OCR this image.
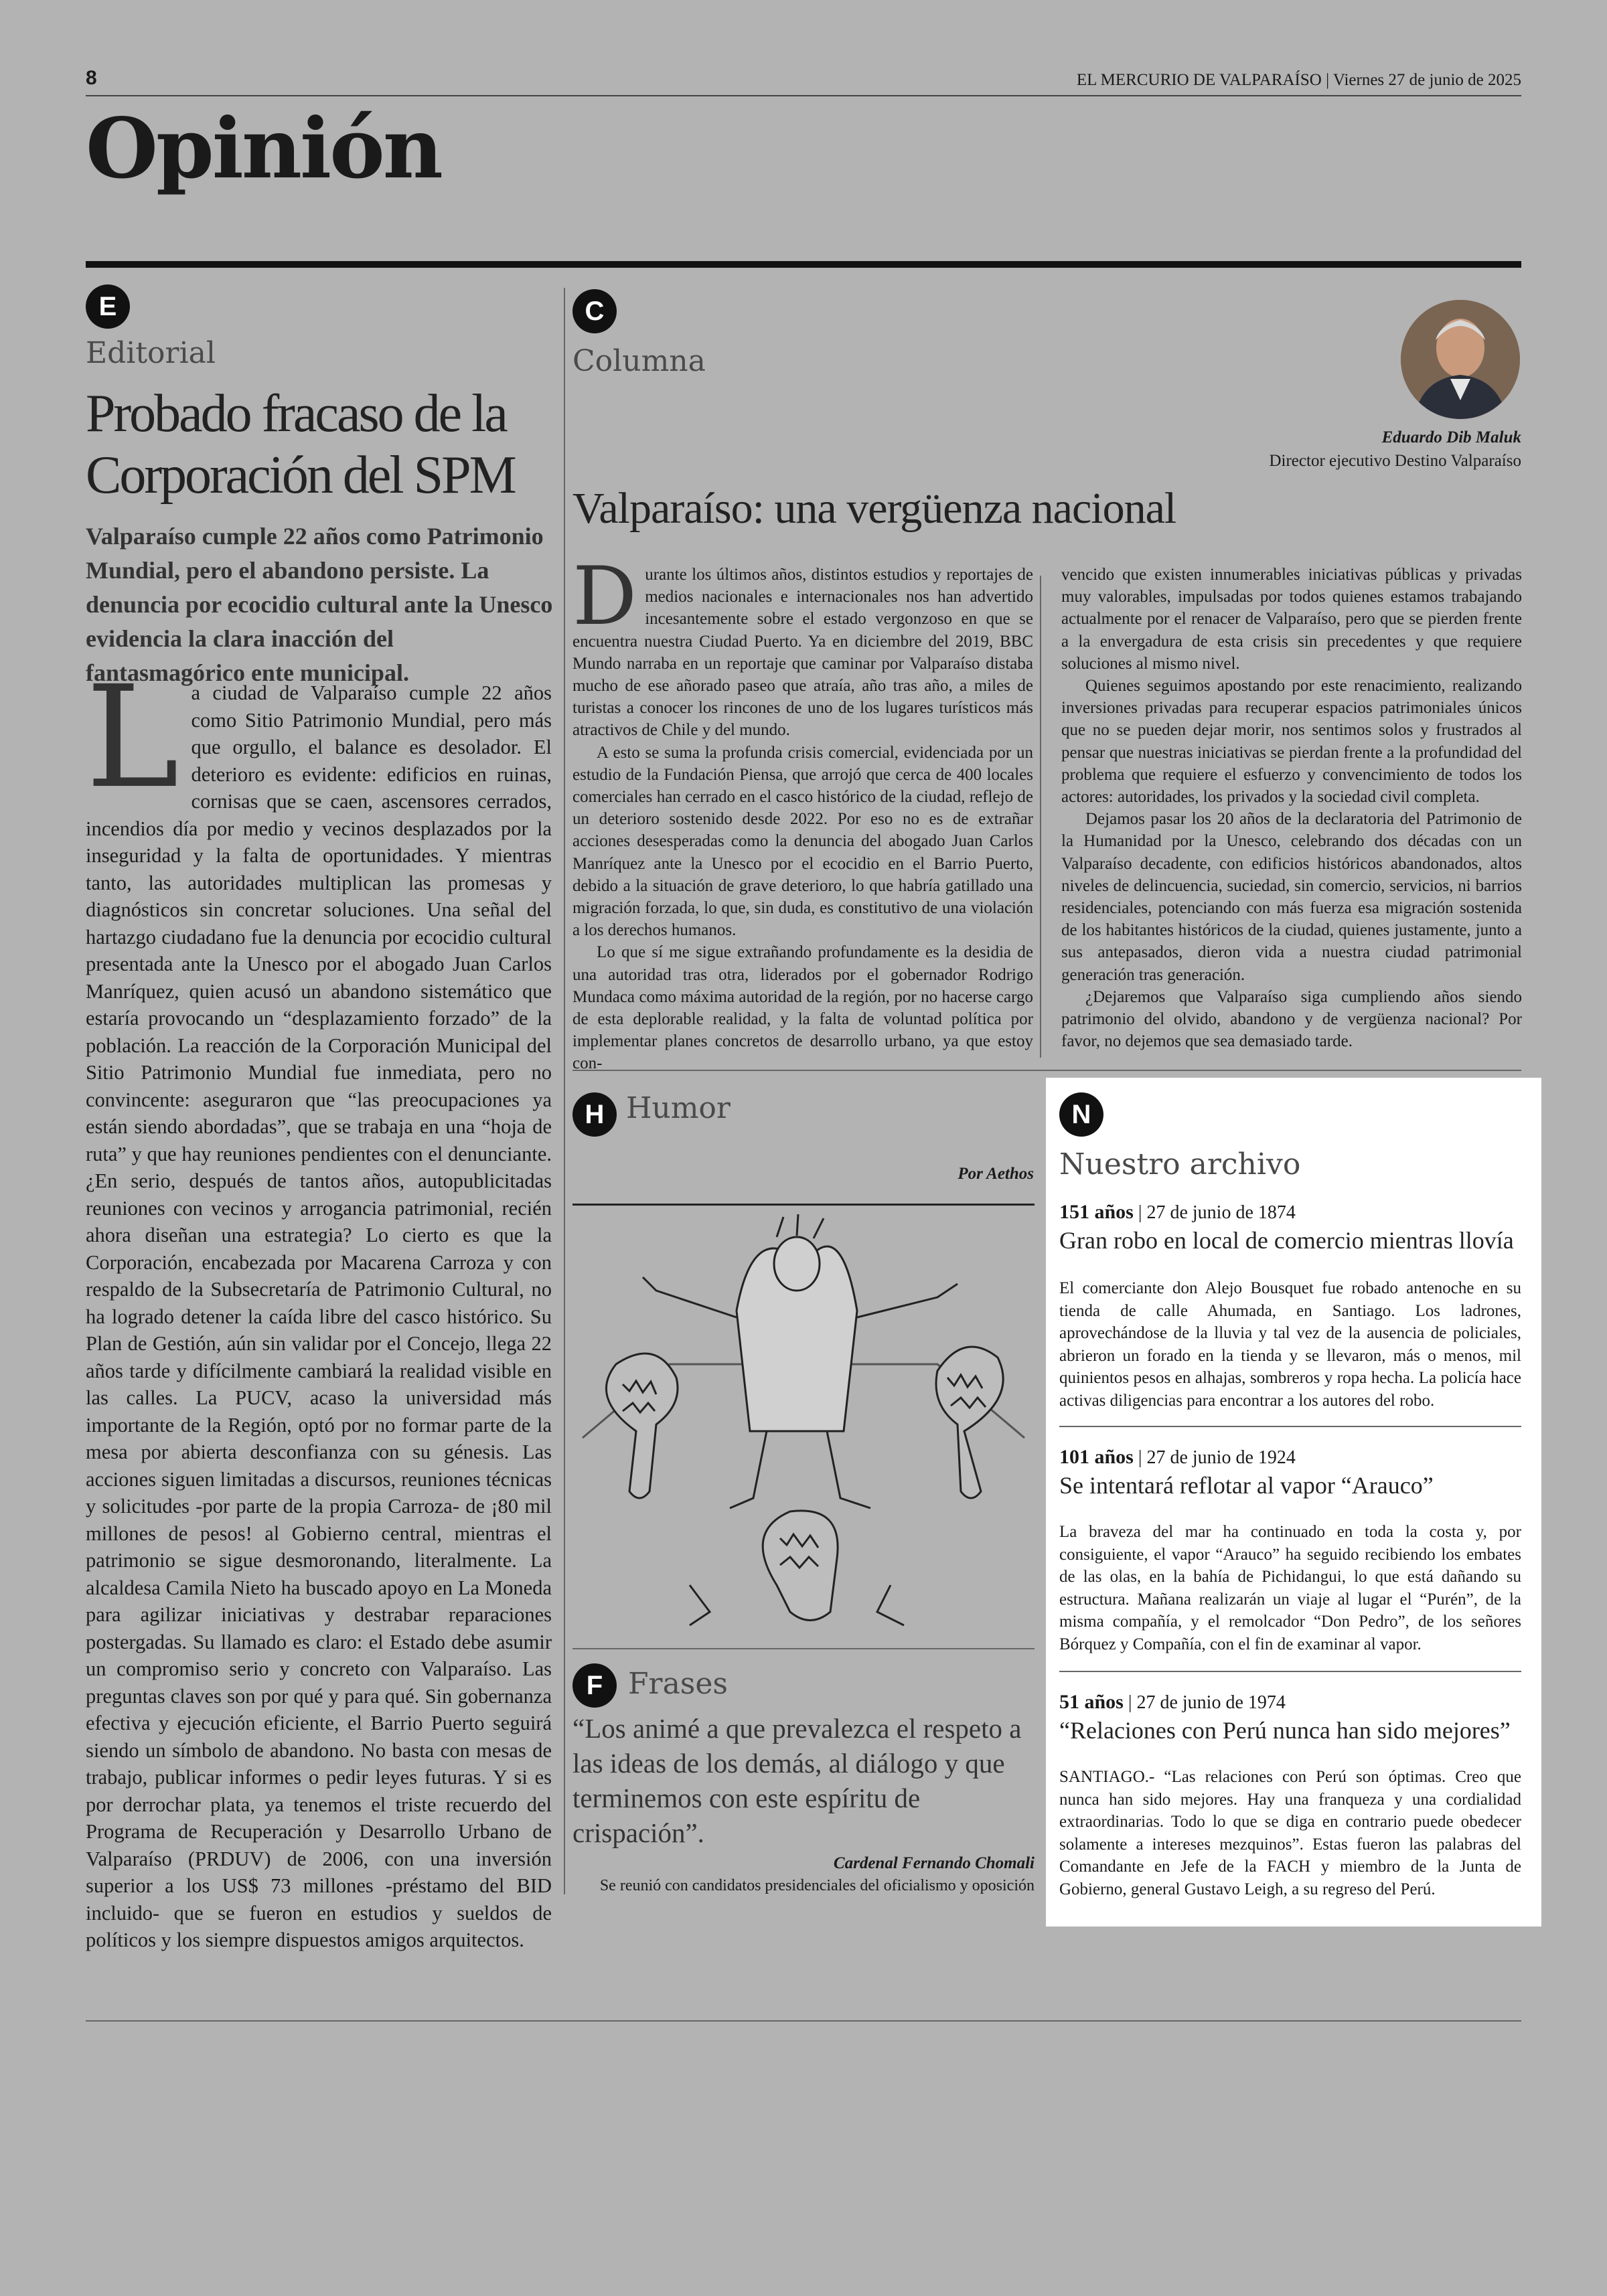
8	EL MERCURIO DE VALPARAÍSO | Viernes 27 de junio de 2025
Opinión
E
Editorial
Probado fracaso de la Corporación del SPM
Valparaíso cumple 22 años como Patrimonio Mundial, pero el abandono persiste. La denuncia por ecocidio cultural ante la Unesco evidencia la clara inacción del fantasmagórico ente municipal.
L a ciudad de Valparaíso cumple 22 años como Sitio Patrimonio Mundial, pero más que orgullo, el balance es desolador. El deterioro es evidente: edificios en ruinas, cornisas que se caen, ascensores cerrados, incendios día por medio y vecinos desplazados por la inseguridad y la falta de oportunidades. Y mientras tanto, las autoridades multiplican las promesas y diagnósticos sin concretar soluciones. Una señal del hartazgo ciudadano fue la denuncia por ecocidio cultural presentada ante la Unesco por el abogado Juan Carlos Manríquez, quien acusó un abandono sistemático que estaría provocando un “desplazamiento forzado” de la población. La reacción de la Corporación Municipal del Sitio Patrimonio Mundial fue inmediata, pero no convincente: aseguraron que “las preocupaciones ya están siendo abordadas”, que se trabaja en una “hoja de ruta” y que hay reuniones pendientes con el denunciante. ¿En serio, después de tantos años, autopublicitadas reuniones con vecinos y arrogancia patrimonial, recién ahora diseñan una estrategia? Lo cierto es que la Corporación, encabezada por Macarena Carroza y con respaldo de la Subsecretaría de Patrimonio Cultural, no ha logrado detener la caída libre del casco histórico. Su Plan de Gestión, aún sin validar por el Concejo, llega 22 años tarde y difícilmente cambiará la realidad visible en las calles. La PUCV, acaso la universidad más importante de la Región, optó por no formar parte de la mesa por abierta desconfianza con su génesis. Las acciones siguen limitadas a discursos, reuniones técnicas y solicitudes -por parte de la propia Carroza- de ¡80 mil millones de pesos! al Gobierno central, mientras el patrimonio se sigue desmoronando, literalmente. La alcaldesa Camila Nieto ha buscado apoyo en La Moneda para agilizar iniciativas y destrabar reparaciones postergadas. Su llamado es claro: el Estado debe asumir un compromiso serio y concreto con Valparaíso. Las preguntas claves son por qué y para qué. Sin gobernanza efectiva y ejecución eficiente, el Barrio Puerto seguirá siendo un símbolo de abandono. No basta con mesas de trabajo, publicar informes o pedir leyes futuras. Y si es por derrochar plata, ya tenemos el triste recuerdo del Programa de Recuperación y Desarrollo Urbano de Valparaíso (PRDUV) de 2006, con una inversión superior a los US$ 73 millones -préstamo del BID incluido- que se fueron en estudios y sueldos de políticos y los siempre dispuestos amigos arquitectos.

C
Columna
Eduardo Dib Maluk
Director ejecutivo Destino Valparaíso
Valparaíso: una vergüenza nacional
D urante los últimos años, distintos estudios y reportajes de medios nacionales e internacionales nos han advertido incesantemente sobre el estado vergonzoso en que se encuentra nuestra Ciudad Puerto. Ya en diciembre del 2019, BBC Mundo narraba en un reportaje que caminar por Valparaíso distaba mucho de ese añorado paseo que atraía, año tras año, a miles de turistas a conocer los rincones de uno de los lugares turísticos más atractivos de Chile y del mundo.

A esto se suma la profunda crisis comercial, evidenciada por un estudio de la Fundación Piensa, que arrojó que cerca de 400 locales comerciales han cerrado en el casco histórico de la ciudad, reflejo de un deterioro sostenido desde 2022. Por eso no es de extrañar acciones desesperadas como la denuncia del abogado Juan Carlos Manríquez ante la Unesco por el ecocidio en el Barrio Puerto, debido a la situación de grave deterioro, lo que habría gatillado una migración forzada, lo que, sin duda, es constitutivo de una violación a los derechos humanos.

Lo que sí me sigue extrañando profundamente es la desidia de una autoridad tras otra, liderados por el gobernador Rodrigo Mundaca como máxima autoridad de la región, por no hacerse cargo de esta deplorable realidad, y la falta de voluntad política por implementar planes concretos de desarrollo urbano, ya que estoy con-

vencido que existen innumerables iniciativas públicas y privadas muy valorables, impulsadas por todos quienes estamos trabajando actualmente por el renacer de Valparaíso, pero que se pierden frente a la envergadura de esta crisis sin precedentes y que requiere soluciones al mismo nivel.

Quienes seguimos apostando por este renacimiento, realizando inversiones privadas para recuperar espacios patrimoniales únicos que no se pueden dejar morir, nos sentimos solos y frustrados al pensar que nuestras iniciativas se pierdan frente a la profundidad del problema que requiere el esfuerzo y convencimiento de todos los actores: autoridades, los privados y la sociedad civil completa.

Dejamos pasar los 20 años de la declaratoria del Patrimonio de la Humanidad por la Unesco, celebrando dos décadas con un Valparaíso decadente, con edificios históricos abandonados, altos niveles de delincuencia, suciedad, sin comercio, servicios, ni barrios residenciales, potenciando con más fuerza esa migración sostenida de los habitantes históricos de la ciudad, quienes justamente, junto a sus antepasados, dieron vida a nuestra ciudad patrimonial generación tras generación.

¿Dejaremos que Valparaíso siga cumpliendo años siendo patrimonio del olvido, abandono y de vergüenza nacional? Por favor, no dejemos que sea demasiado tarde.

H Humor
Por Aethos
F Frases
“Los animé a que prevalezca el respeto a las ideas de los demás, al diálogo y que terminemos con este espíritu de crispación”.
Cardenal Fernando Chomali
Se reunió con candidatos presidenciales del oficialismo y oposición
N
Nuestro archivo
151 años | 27 de junio de 1874
Gran robo en local de comercio mientras llovía
El comerciante don Alejo Bousquet fue robado antenoche en su tienda de calle Ahumada, en Santiago. Los ladrones, aprovechándose de la lluvia y tal vez de la ausencia de policiales, abrieron un forado en la tienda y se llevaron, más o menos, mil quinientos pesos en alhajas, sombreros y ropa hecha. La policía hace activas diligencias para encontrar a los autores del robo.
101 años | 27 de junio de 1924
Se intentará reflotar al vapor “Arauco”
La braveza del mar ha continuado en toda la costa y, por consiguiente, el vapor “Arauco” ha seguido recibiendo los embates de las olas, en la bahía de Pichidangui, lo que está dañando su estructura. Mañana realizarán un viaje al lugar el “Purén”, de la misma compañía, y el remolcador “Don Pedro”, de los señores Bórquez y Compañía, con el fin de examinar al vapor.
51 años | 27 de junio de 1974
“Relaciones con Perú nunca han sido mejores”
SANTIAGO.- “Las relaciones con Perú son óptimas. Creo que nunca han sido mejores. Hay una franqueza y una cordialidad extraordinarias. Todo lo que se diga en contrario puede obedecer solamente a intereses mezquinos”. Estas fueron las palabras del Comandante en Jefe de la FACH y miembro de la Junta de Gobierno, general Gustavo Leigh, a su regreso del Perú.
